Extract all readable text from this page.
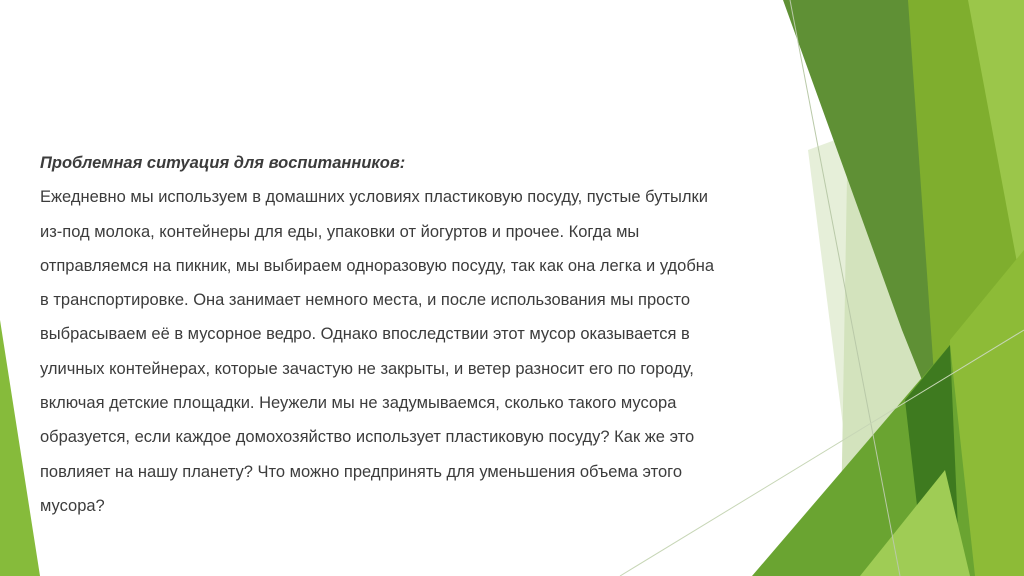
Проблемная ситуация для воспитанников:

Ежедневно мы используем в домашних условиях пластиковую посуду, пустые бутылки
из-под молока, контейнеры для еды, упаковки от йогуртов и прочее. Когда мы
отправляемся на пикник, мы выбираем одноразовую посуду, так как она легка и удобна
в транспортировке. Она занимает немного места, и после использования мы просто
выбрасываем её в мусорное ведро. Однако впоследствии этот мусор оказывается в
уличных контейнерах, которые зачастую не закрыты, и ветер разносит его по городу,
включая детские площадки. Неужели мы не задумываемся, сколько такого мусора
образуется, если каждое домохозяйство использует пластиковую посуду? Как же это
повлияет на нашу планету? Что можно предпринять для уменьшения объема этого
мусора?
